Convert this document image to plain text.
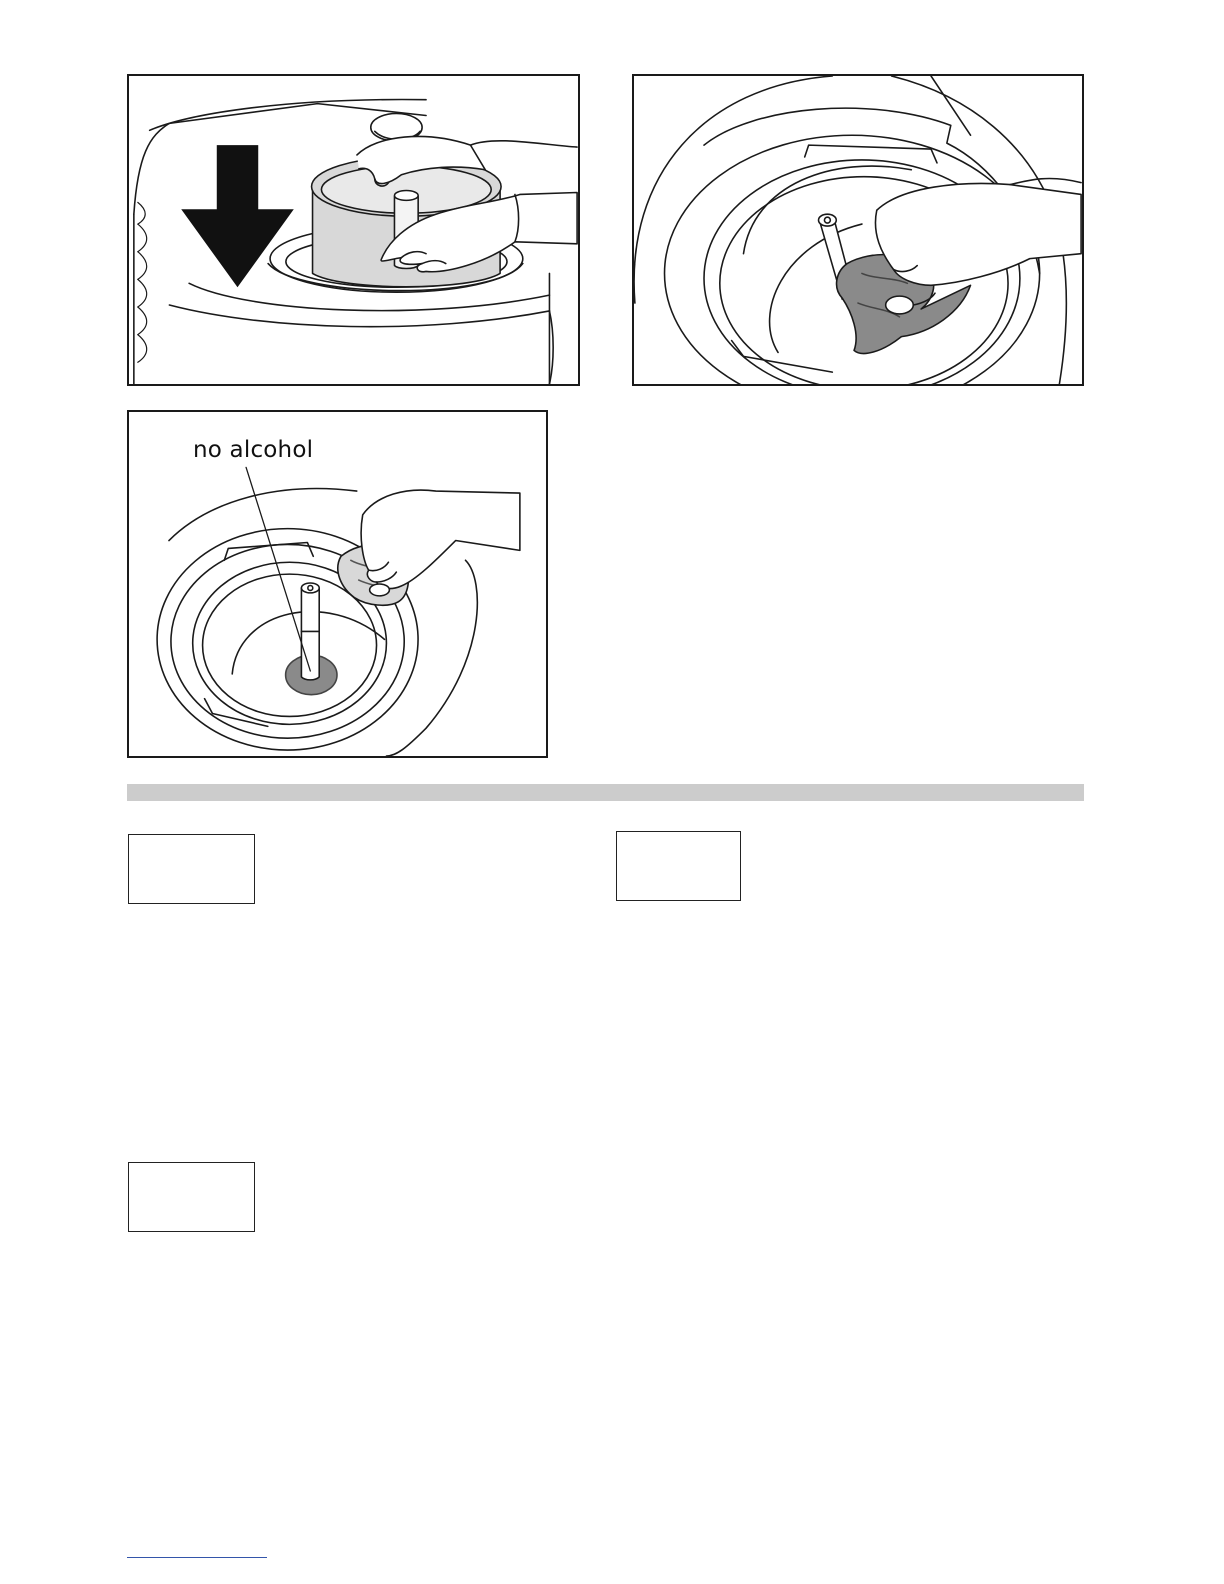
no alcohol
